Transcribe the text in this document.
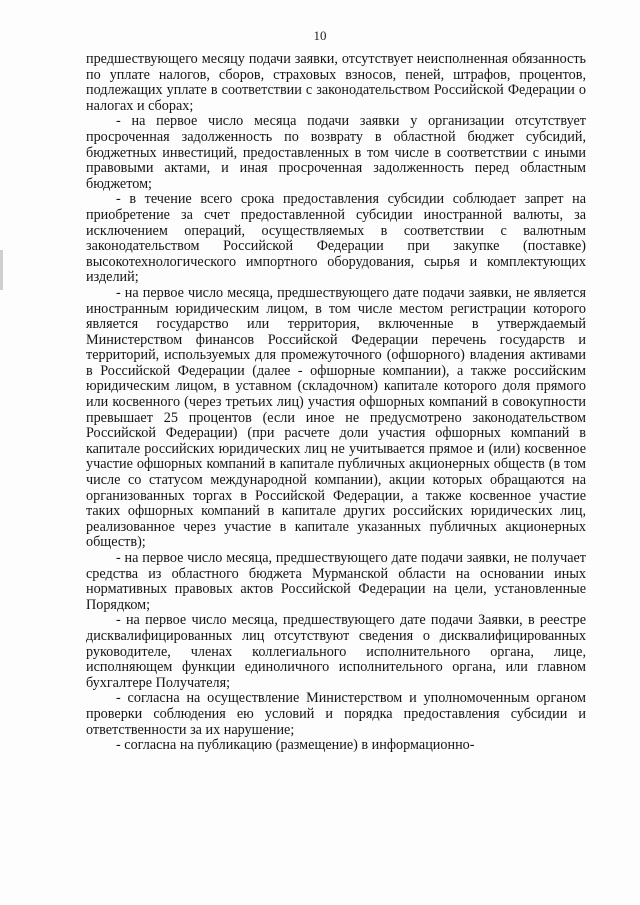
10

предшествующего месяцу подачи заявки, отсутствует неисполненная обязанность по уплате налогов, сборов, страховых взносов, пеней, штрафов, процентов, подлежащих уплате в соответствии с законодательством Российской Федерации о налогах и сборах;

- на первое число месяца подачи заявки у организации отсутствует просроченная задолженность по возврату в областной бюджет субсидий, бюджетных инвестиций, предоставленных в том числе в соответствии с иными правовыми актами, и иная просроченная задолженность перед областным бюджетом;

- в течение всего срока предоставления субсидии соблюдает запрет на приобретение за счет предоставленной субсидии иностранной валюты, за исключением операций, осуществляемых в соответствии с валютным законодательством Российской Федерации при закупке (поставке) высокотехнологического импортного оборудования, сырья и комплектующих изделий;

- на первое число месяца, предшествующего дате подачи заявки, не является иностранным юридическим лицом, в том числе местом регистрации которого является государство или территория, включенные в утверждаемый Министерством финансов Российской Федерации перечень государств и территорий, используемых для промежуточного (офшорного) владения активами в Российской Федерации (далее - офшорные компании), а также российским юридическим лицом, в уставном (складочном) капитале которого доля прямого или косвенного (через третьих лиц) участия офшорных компаний в совокупности превышает 25 процентов (если иное не предусмотрено законодательством Российской Федерации) (при расчете доли участия офшорных компаний в капитале российских юридических лиц не учитывается прямое и (или) косвенное участие офшорных компаний в капитале публичных акционерных обществ (в том числе со статусом международной компании), акции которых обращаются на организованных торгах в Российской Федерации, а также косвенное участие таких офшорных компаний в капитале других российских юридических лиц, реализованное через участие в капитале указанных публичных акционерных обществ);

- на первое число месяца, предшествующего дате подачи заявки, не получает средства из областного бюджета Мурманской области на основании иных нормативных правовых актов Российской Федерации на цели, установленные Порядком;

- на первое число месяца, предшествующего дате подачи Заявки, в реестре дисквалифицированных лиц отсутствуют сведения о дисквалифицированных руководителе, членах коллегиального исполнительного органа, лице, исполняющем функции единоличного исполнительного органа, или главном бухгалтере Получателя;

- согласна на осуществление Министерством и уполномоченным органом проверки соблюдения ею условий и порядка предоставления субсидии и ответственности за их нарушение;

- согласна на публикацию (размещение) в информационно-
